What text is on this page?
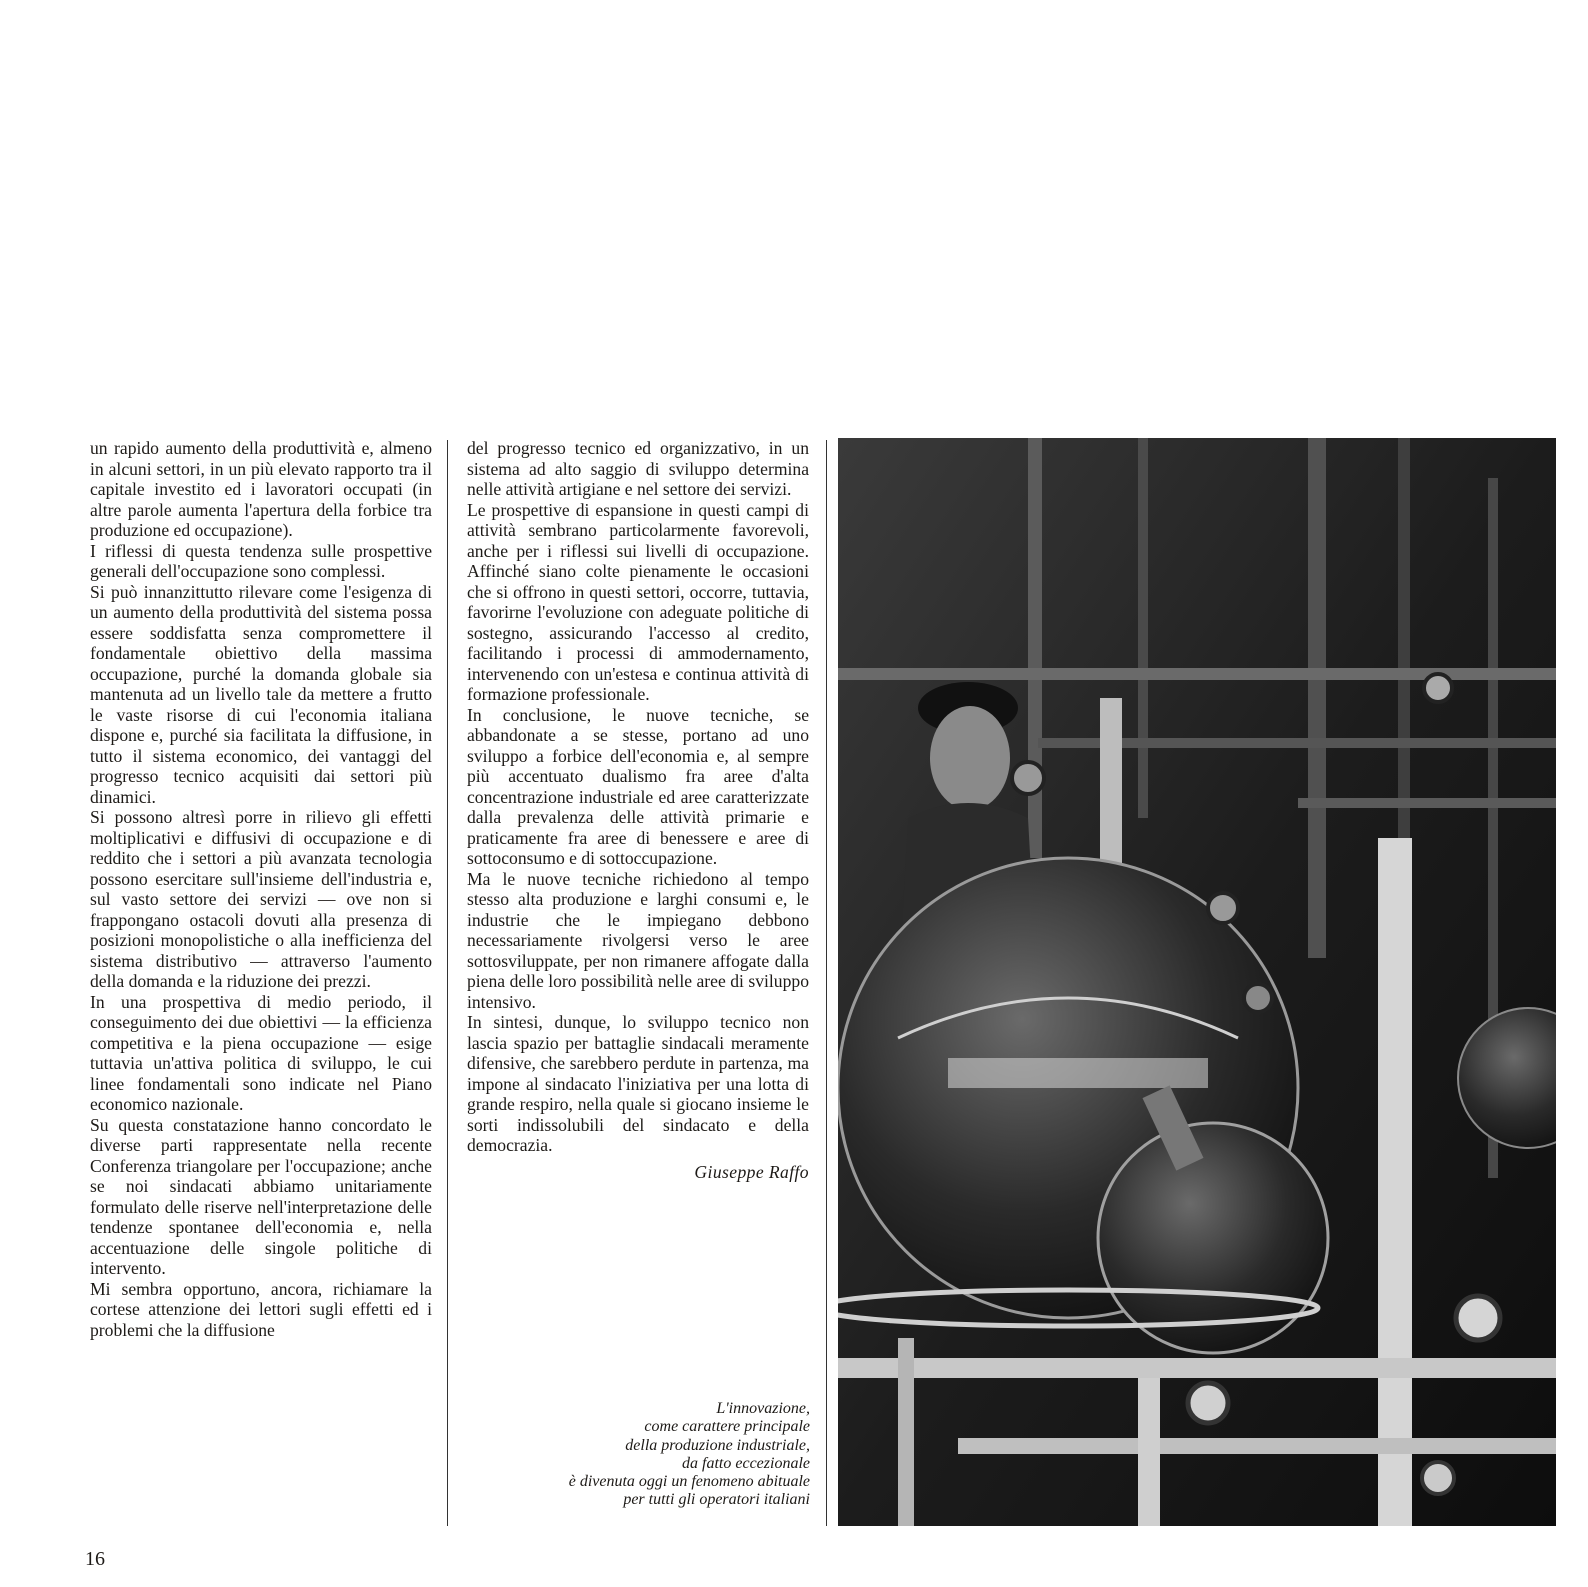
un rapido aumento della produttività e, almeno in alcuni settori, in un più elevato rapporto tra il capitale investito ed i lavoratori occupati (in altre parole aumenta l'apertura della forbice tra produzione ed occupazione).

I riflessi di questa tendenza sulle prospettive generali dell'occupazione sono complessi.

Si può innanzittutto rilevare come l'esigenza di un aumento della produttività del sistema possa essere soddisfatta senza compromettere il fondamentale obiettivo della massima occupazione, purché la domanda globale sia mantenuta ad un livello tale da mettere a frutto le vaste risorse di cui l'economia italiana dispone e, purché sia facilitata la diffusione, in tutto il sistema economico, dei vantaggi del progresso tecnico acquisiti dai settori più dinamici.

Si possono altresì porre in rilievo gli effetti moltiplicativi e diffusivi di occupazione e di reddito che i settori a più avanzata tecnologia possono esercitare sull'insieme dell'industria e, sul vasto settore dei servizi — ove non si frappongano ostacoli dovuti alla presenza di posizioni monopolistiche o alla inefficienza del sistema distributivo — attraverso l'aumento della domanda e la riduzione dei prezzi.

In una prospettiva di medio periodo, il conseguimento dei due obiettivi — la efficienza competitiva e la piena occupazione — esige tuttavia un'attiva politica di sviluppo, le cui linee fondamentali sono indicate nel Piano economico nazionale.

Su questa constatazione hanno concordato le diverse parti rappresentate nella recente Conferenza triangolare per l'occupazione; anche se noi sindacati abbiamo unitariamente formulato delle riserve nell'interpretazione delle tendenze spontanee dell'economia e, nella accentuazione delle singole politiche di intervento.

Mi sembra opportuno, ancora, richiamare la cortese attenzione dei lettori sugli effetti ed i problemi che la diffusione

del progresso tecnico ed organizzativo, in un sistema ad alto saggio di sviluppo determina nelle attività artigiane e nel settore dei servizi.

Le prospettive di espansione in questi campi di attività sembrano particolarmente favorevoli, anche per i riflessi sui livelli di occupazione. Affinché siano colte pienamente le occasioni che si offrono in questi settori, occorre, tuttavia, favorirne l'evoluzione con adeguate politiche di sostegno, assicurando l'accesso al credito, facilitando i processi di ammodernamento, intervenendo con un'estesa e continua attività di formazione professionale.

In conclusione, le nuove tecniche, se abbandonate a se stesse, portano ad uno sviluppo a forbice dell'economia e, al sempre più accentuato dualismo fra aree d'alta concentrazione industriale ed aree caratterizzate dalla prevalenza delle attività primarie e praticamente fra aree di benessere e aree di sottoconsumo e di sottoccupazione.

Ma le nuove tecniche richiedono al tempo stesso alta produzione e larghi consumi e, le industrie che le impiegano debbono necessariamente rivolgersi verso le aree sottosviluppate, per non rimanere affogate dalla piena delle loro possibilità nelle aree di sviluppo intensivo.

In sintesi, dunque, lo sviluppo tecnico non lascia spazio per battaglie sindacali meramente difensive, che sarebbero perdute in partenza, ma impone al sindacato l'iniziativa per una lotta di grande respiro, nella quale si giocano insieme le sorti indissolubili del sindacato e della democrazia.

Giuseppe Raffo

L'innovazione,
come carattere principale
della produzione industriale,
da fatto eccezionale
è divenuta oggi un fenomeno abituale
per tutti gli operatori italiani
16
